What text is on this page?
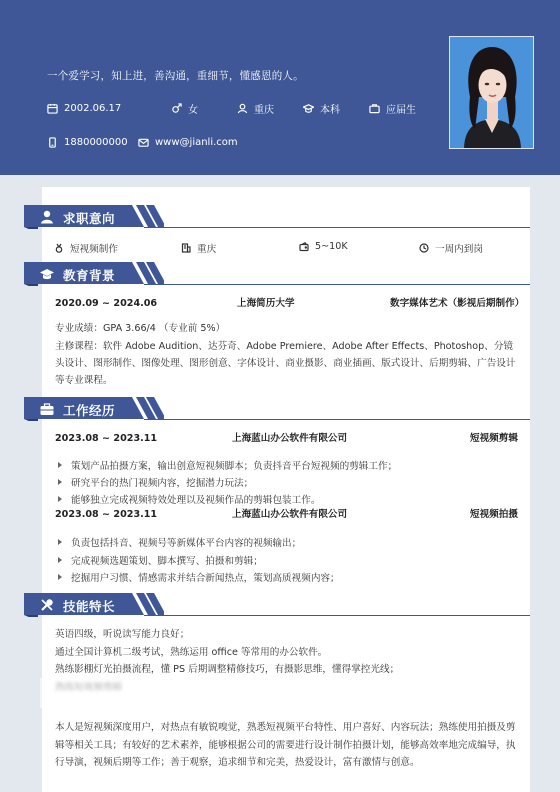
一个爱学习，知上进，善沟通，重细节，懂感恩的人。
2002.06.17	女	重庆	本科	应届生
1880000000	www@jianli.com
求职意向
短视频制作	重庆	5~10K	一周内到岗
教育背景
2020.09 ~ 2024.06	上海简历大学	数字媒体艺术（影视后期制作）
专业成绩：GPA 3.66/4 （专业前 5%）
主修课程：软件 Adobe Audition、达芬奇、Adobe Premiere、Adobe After Effects、Photoshop、分镜
头设计、图形制作、图像处理、图形创意、字体设计、商业摄影、商业插画、版式设计、后期剪辑、广告设计
等专业课程。
工作经历
2023.08 ~ 2023.11	上海蓝山办公软件有限公司	短视频剪辑
策划产品拍摄方案，输出创意短视频脚本；负责抖音平台短视频的剪辑工作；
研究平台的热门视频内容，挖掘潜力玩法；
能够独立完成视频特效处理以及视频作品的剪辑包装工作。
2023.08 ~ 2023.11	上海蓝山办公软件有限公司	短视频拍摄
负责包括抖音、视频号等新媒体平台内容的视频输出；
完成视频选题策划、脚本撰写、拍摄和剪辑；
挖掘用户习惯、情感需求并结合新闻热点，策划高质视频内容；
技能特长
英语四级，听说读写能力良好；
通过全国计算机二级考试，熟练运用 office 等常用的办公软件。
熟练影棚灯光拍摄流程，懂 PS 后期调整精修技巧，有摄影思维，懂得掌控光线；
本人是短视频深度用户，对热点有敏锐嗅觉，熟悉短视频平台特性、用户喜好、内容玩法；熟练使用拍摄及剪
辑等相关工具；有较好的艺术素养，能够根据公司的需要进行设计制作拍摄计划，能够高效率地完成编导，执
行导演，视频后期等工作；善于观察，追求细节和完美，热爱设计，富有激情与创意。
